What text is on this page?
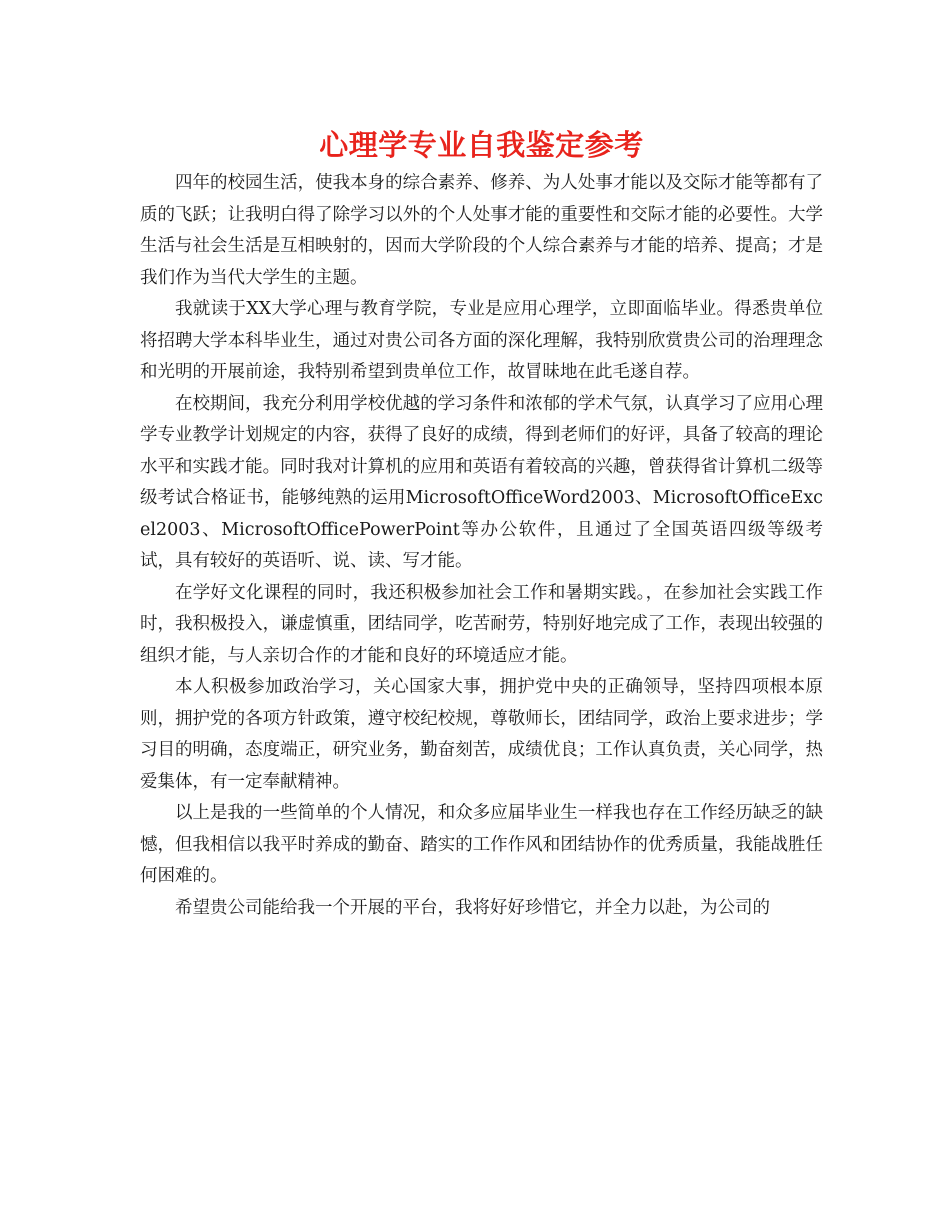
心理学专业自我鉴定参考

四年的校园生活，使我本身的综合素养、修养、为人处事才能以及交际才能等都有了质的飞跃；让我明白得了除学习以外的个人处事才能的重要性和交际才能的必要性。大学生活与社会生活是互相映射的，因而大学阶段的个人综合素养与才能的培养、提高；才是我们作为当代大学生的主题。

我就读于XX大学心理与教育学院，专业是应用心理学，立即面临毕业。得悉贵单位将招聘大学本科毕业生，通过对贵公司各方面的深化理解，我特别欣赏贵公司的治理理念和光明的开展前途，我特别希望到贵单位工作，故冒昧地在此毛遂自荐。

在校期间，我充分利用学校优越的学习条件和浓郁的学术气氛，认真学习了应用心理学专业教学计划规定的内容，获得了良好的成绩，得到老师们的好评，具备了较高的理论水平和实践才能。同时我对计算机的应用和英语有着较高的兴趣，曾获得省计算机二级等级考试合格证书，能够纯熟的运用MicrosoftOfficeWord2003、MicrosoftOfficeExcel2003、MicrosoftOfficePowerPoint等办公软件，且通过了全国英语四级等级考试，具有较好的英语听、说、读、写才能。

在学好文化课程的同时，我还积极参加社会工作和暑期实践。，在参加社会实践工作时，我积极投入，谦虚慎重，团结同学，吃苦耐劳，特别好地完成了工作，表现出较强的组织才能，与人亲切合作的才能和良好的环境适应才能。

本人积极参加政治学习，关心国家大事，拥护党中央的正确领导，坚持四项根本原则，拥护党的各项方针政策，遵守校纪校规，尊敬师长，团结同学，政治上要求进步；学习目的明确，态度端正，研究业务，勤奋刻苦，成绩优良；工作认真负责，关心同学，热爱集体，有一定奉献精神。

以上是我的一些简单的个人情况，和众多应届毕业生一样我也存在工作经历缺乏的缺憾，但我相信以我平时养成的勤奋、踏实的工作作风和团结协作的优秀质量，我能战胜任何困难的。

希望贵公司能给我一个开展的平台，我将好好珍惜它，并全力以赴，为公司的
